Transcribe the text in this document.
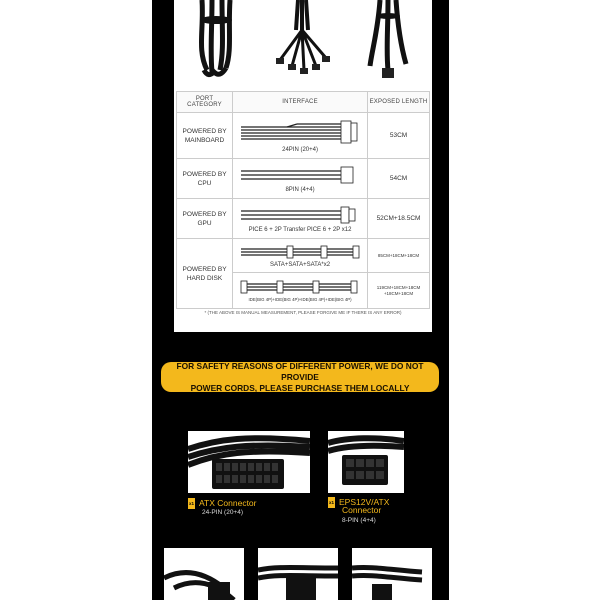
PORT CATEGORY	INTERFACE	EXPOSED LENGTH

POWERED BY
MAINBOARD	24PIN (20+4)	53CM

POWERED BY
CPU	8PIN (4+4)	54CM

POWERED BY
GPU	PICE 6 + 2P Transfer PICE 6 + 2P x12	52CM+18.5CM

POWERED BY
HARD DISK	SATA+SATA+SATA*x2	85CM+18CM+18CM

	IDE(BIG 4P)+IDE(BIG 4P)+IDE(BIG 4P)+IDE(BIG 4P)	119CM+18CM+18CM
+18CM+18CM
* (THE ABOVE IS MANUAL MEASUREMENT, PLEASE FORGIVE ME IF THERE IS ANY ERROR)
FOR SAFETY REASONS OF DIFFERENT POWER, WE DO NOT PROVIDE
POWER CORDS, PLEASE PURCHASE THEM LOCALLY
x1 ATX Connector
24-PIN (20+4)
x1 EPS12V/ATX
Connector
8-PIN (4+4)
